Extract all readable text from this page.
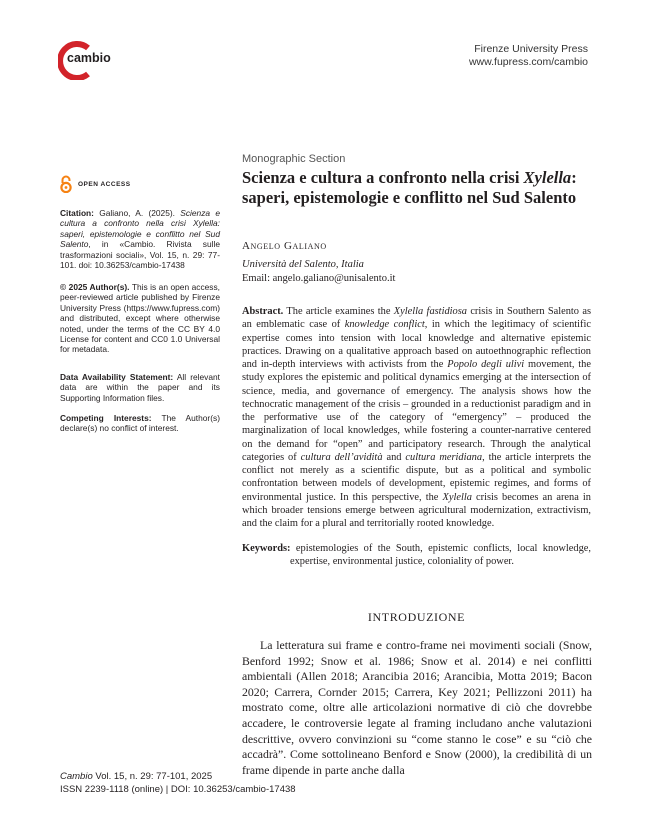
cambio
Firenze University Press
www.fupress.com/cambio
Monographic Section
Scienza e cultura a confronto nella crisi Xylella: saperi, epistemologie e conflitto nel Sud Salento
OPEN ACCESS
Citation: Galiano, A. (2025). Scienza e cultura a confronto nella crisi Xylella: saperi, epistemologie e conflitto nel Sud Salento, in «Cambio. Rivista sulle trasformazioni sociali», Vol. 15, n. 29: 77-101. doi: 10.36253/cambio-17438
© 2025 Author(s). This is an open access, peer-reviewed article published by Firenze University Press (https://www.fupress.com) and distributed, except where otherwise noted, under the terms of the CC BY 4.0 License for content and CC0 1.0 Universal for metadata.
Data Availability Statement: All relevant data are within the paper and its Supporting Information files.
Competing Interests: The Author(s) declare(s) no conflict of interest.
Angelo Galiano
Università del Salento, Italia
Email: angelo.galiano@unisalento.it
Abstract. The article examines the Xylella fastidiosa crisis in Southern Salento as an emblematic case of knowledge conflict, in which the legitimacy of scientific expertise comes into tension with local knowledge and alternative epistemic practices. Drawing on a qualitative approach based on autoethnographic reflection and in-depth interviews with activists from the Popolo degli ulivi movement, the study explores the epistemic and political dynamics emerging at the intersection of science, media, and governance of emergency. The analysis shows how the technocratic management of the crisis – grounded in a reductionist paradigm and in the performative use of the category of “emergency” – produced the marginalization of local knowledges, while fostering a counter-narrative centered on the demand for “open” and participatory research. Through the analytical categories of cultura dell’avidità and cultura meridiana, the article interprets the conflict not merely as a scientific dispute, but as a political and symbolic confrontation between models of development, epistemic regimes, and forms of environmental justice. In this perspective, the Xylella crisis becomes an arena in which broader tensions emerge between agricultural modernization, extractivism, and the claim for a plural and territorially rooted knowledge.
Keywords: epistemologies of the South, epistemic conflicts, local knowledge, expertise, environmental justice, coloniality of power.
INTRODUZIONE
La letteratura sui frame e contro-frame nei movimenti sociali (Snow, Benford 1992; Snow et al. 1986; Snow et al. 2014) e nei conflitti ambientali (Allen 2018; Arancibia 2016; Arancibia, Motta 2019; Bacon 2020; Carrera, Cornder 2015; Carrera, Key 2021; Pellizzoni 2011) ha mostrato come, oltre alle articolazioni normative di ciò che dovrebbe accadere, le controversie legate al framing includano anche valutazioni descrittive, ovvero convinzioni su “come stanno le cose” e su “ciò che accadrà”. Come sottolineano Benford e Snow (2000), la credibilità di un frame dipende in parte anche dalla
Cambio Vol. 15, n. 29: 77-101, 2025
ISSN 2239-1118 (online) | DOI: 10.36253/cambio-17438
